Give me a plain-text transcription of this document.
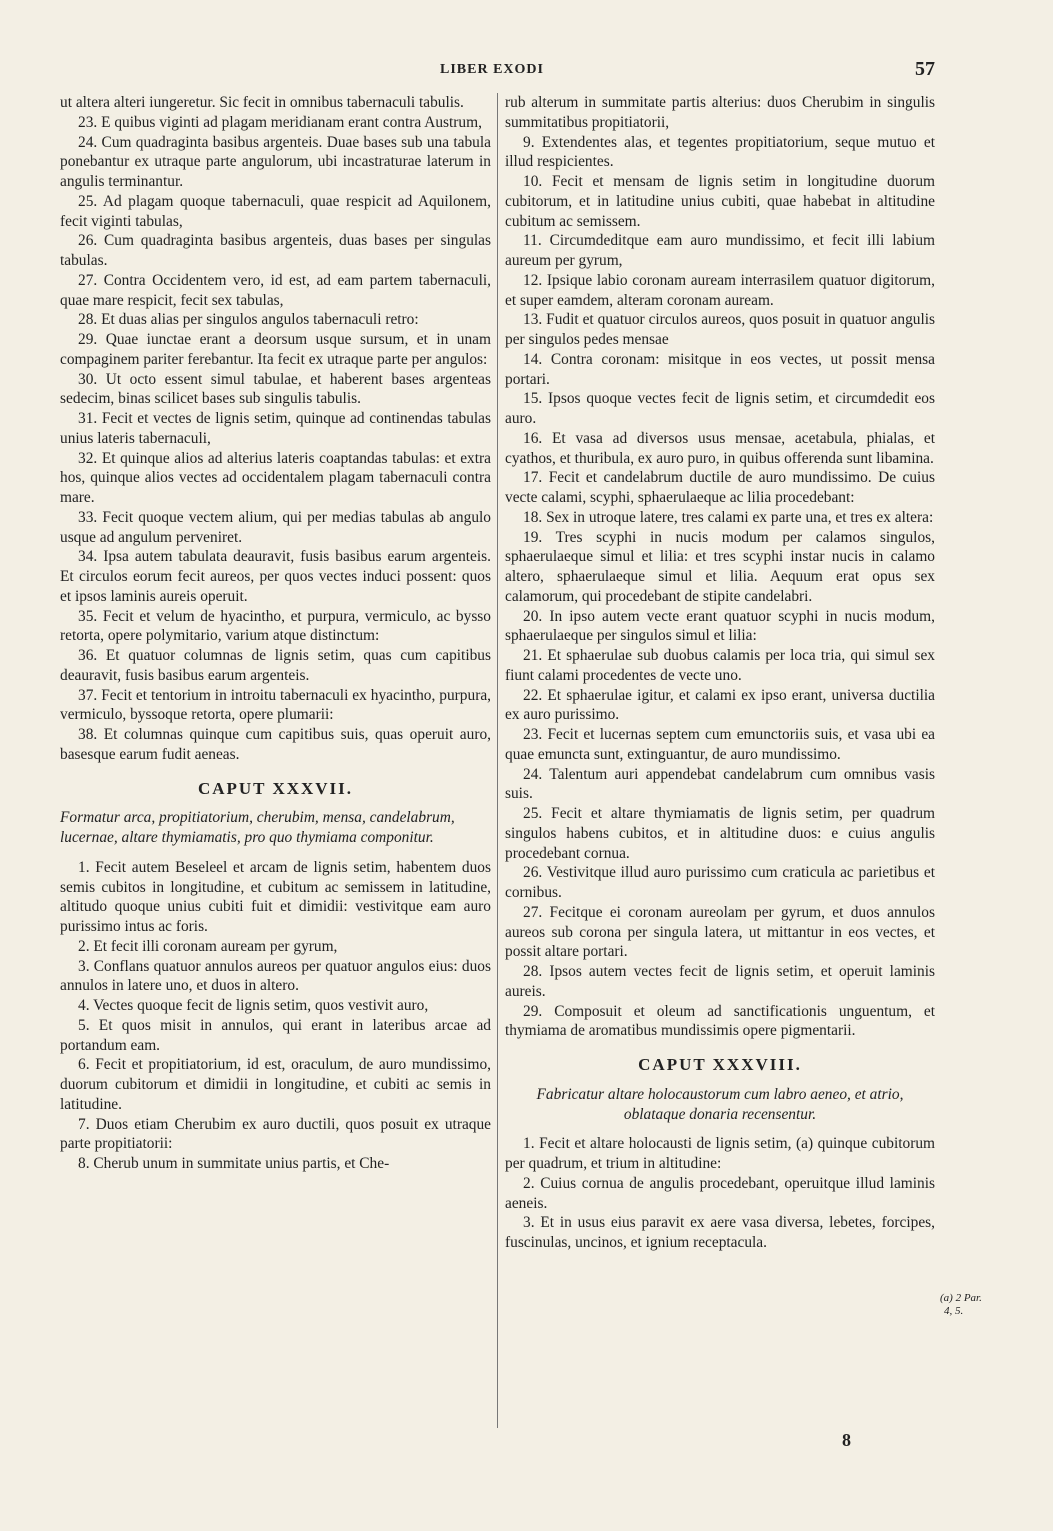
LIBER EXODI	57

ut altera alteri iungeretur. Sic fecit in omnibus tabernaculi tabulis.

23. E quibus viginti ad plagam meridianam erant contra Austrum,

24. Cum quadraginta basibus argenteis. Duae bases sub una tabula ponebantur ex utraque parte angulorum, ubi incastraturae laterum in angulis terminantur.

25. Ad plagam quoque tabernaculi, quae respicit ad Aquilonem, fecit viginti tabulas,

26. Cum quadraginta basibus argenteis, duas bases per singulas tabulas.

27. Contra Occidentem vero, id est, ad eam partem tabernaculi, quae mare respicit, fecit sex tabulas,

28. Et duas alias per singulos angulos tabernaculi retro:

29. Quae iunctae erant a deorsum usque sursum, et in unam compaginem pariter ferebantur. Ita fecit ex utraque parte per angulos:

30. Ut octo essent simul tabulae, et haberent bases argenteas sedecim, binas scilicet bases sub singulis tabulis.

31. Fecit et vectes de lignis setim, quinque ad continendas tabulas unius lateris tabernaculi,

32. Et quinque alios ad alterius lateris coaptandas tabulas: et extra hos, quinque alios vectes ad occidentalem plagam tabernaculi contra mare.

33. Fecit quoque vectem alium, qui per medias tabulas ab angulo usque ad angulum perveniret.

34. Ipsa autem tabulata deauravit, fusis basibus earum argenteis. Et circulos eorum fecit aureos, per quos vectes induci possent: quos et ipsos laminis aureis operuit.

35. Fecit et velum de hyacintho, et purpura, vermiculo, ac bysso retorta, opere polymitario, varium atque distinctum:

36. Et quatuor columnas de lignis setim, quas cum capitibus deauravit, fusis basibus earum argenteis.

37. Fecit et tentorium in introitu tabernaculi ex hyacintho, purpura, vermiculo, byssoque retorta, opere plumarii:

38. Et columnas quinque cum capitibus suis, quas operuit auro, basesque earum fudit aeneas.

CAPUT XXXVII.

Formatur arca, propitiatorium, cherubim, mensa, candelabrum, lucernae, altare thymiamatis, pro quo thymiama componitur.

1. Fecit autem Beseleel et arcam de lignis setim, habentem duos semis cubitos in longitudine, et cubitum ac semissem in latitudine, altitudo quoque unius cubiti fuit et dimidii: vestivitque eam auro purissimo intus ac foris.

2. Et fecit illi coronam auream per gyrum,

3. Conflans quatuor annulos aureos per quatuor angulos eius: duos annulos in latere uno, et duos in altero.

4. Vectes quoque fecit de lignis setim, quos vestivit auro,

5. Et quos misit in annulos, qui erant in lateribus arcae ad portandum eam.

6. Fecit et propitiatorium, id est, oraculum, de auro mundissimo, duorum cubitorum et dimidii in longitudine, et cubiti ac semis in latitudine.

7. Duos etiam Cherubim ex auro ductili, quos posuit ex utraque parte propitiatorii:

8. Cherub unum in summitate unius partis, et Che-

rub alterum in summitate partis alterius: duos Cherubim in singulis summitatibus propitiatorii,

9. Extendentes alas, et tegentes propitiatorium, seque mutuo et illud respicientes.

10. Fecit et mensam de lignis setim in longitudine duorum cubitorum, et in latitudine unius cubiti, quae habebat in altitudine cubitum ac semissem.

11. Circumdeditque eam auro mundissimo, et fecit illi labium aureum per gyrum,

12. Ipsique labio coronam auream interrasilem quatuor digitorum, et super eamdem, alteram coronam auream.

13. Fudit et quatuor circulos aureos, quos posuit in quatuor angulis per singulos pedes mensae

14. Contra coronam: misitque in eos vectes, ut possit mensa portari.

15. Ipsos quoque vectes fecit de lignis setim, et circumdedit eos auro.

16. Et vasa ad diversos usus mensae, acetabula, phialas, et cyathos, et thuribula, ex auro puro, in quibus offerenda sunt libamina.

17. Fecit et candelabrum ductile de auro mundissimo. De cuius vecte calami, scyphi, sphaerulaeque ac lilia procedebant:

18. Sex in utroque latere, tres calami ex parte una, et tres ex altera:

19. Tres scyphi in nucis modum per calamos singulos, sphaerulaeque simul et lilia: et tres scyphi instar nucis in calamo altero, sphaerulaeque simul et lilia. Aequum erat opus sex calamorum, qui procedebant de stipite candelabri.

20. In ipso autem vecte erant quatuor scyphi in nucis modum, sphaerulaeque per singulos simul et lilia:

21. Et sphaerulae sub duobus calamis per loca tria, qui simul sex fiunt calami procedentes de vecte uno.

22. Et sphaerulae igitur, et calami ex ipso erant, universa ductilia ex auro purissimo.

23. Fecit et lucernas septem cum emunctoriis suis, et vasa ubi ea quae emuncta sunt, extinguantur, de auro mundissimo.

24. Talentum auri appendebat candelabrum cum omnibus vasis suis.

25. Fecit et altare thymiamatis de lignis setim, per quadrum singulos habens cubitos, et in altitudine duos: e cuius angulis procedebant cornua.

26. Vestivitque illud auro purissimo cum craticula ac parietibus et cornibus.

27. Fecitque ei coronam aureolam per gyrum, et duos annulos aureos sub corona per singula latera, ut mittantur in eos vectes, et possit altare portari.

28. Ipsos autem vectes fecit de lignis setim, et operuit laminis aureis.

29. Composuit et oleum ad sanctificationis unguentum, et thymiama de aromatibus mundissimis opere pigmentarii.

CAPUT XXXVIII.

Fabricatur altare holocaustorum cum labro aeneo, et atrio, oblataque donaria recensentur.

1. Fecit et altare holocausti de lignis setim, (a) quinque cubitorum per quadrum, et trium in altitudine:

2. Cuius cornua de angulis procedebant, operuitque illud laminis aeneis.

3. Et in usus eius paravit ex aere vasa diversa, lebetes, forcipes, fuscinulas, uncinos, et ignium receptacula.

(a) 2 Par.
4, 5.
8
